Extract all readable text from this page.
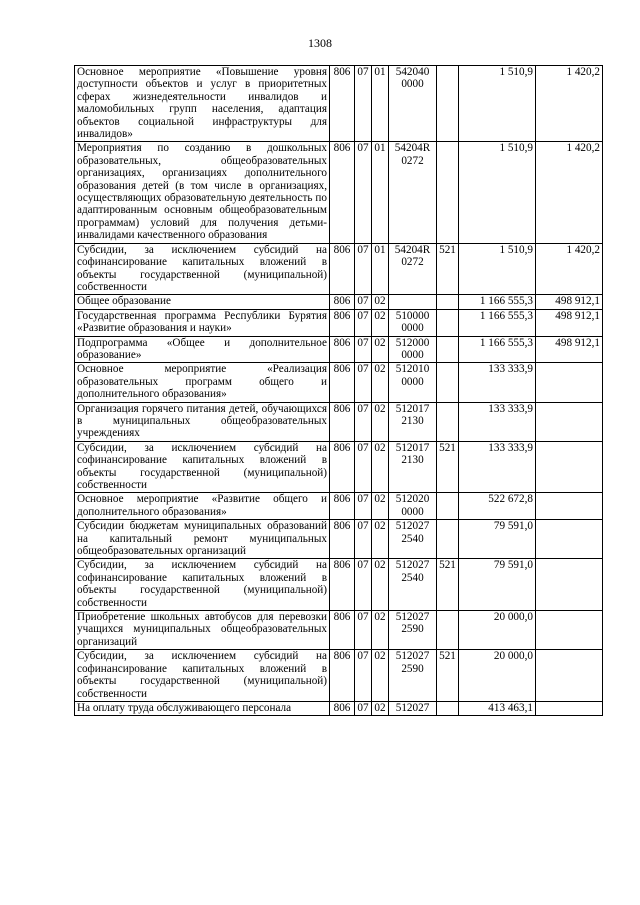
1308
Основное мероприятие «Повышение уровня доступности объектов и услуг в приоритетных сферах жизнедеятельности инвалидов и маломобильных групп населения, адаптация объектов социальной инфраструктуры для инвалидов»	806	07	01	542040 0000		1 510,9	1 420,2
Мероприятия по созданию в дошкольных образовательных, общеобразовательных организациях, организациях дополнительного образования детей (в том числе в организациях, осуществляющих образовательную деятельность по адаптированным основным общеобразовательным программам) условий для получения детьми-инвалидами качественного образования	806	07	01	54204R 0272		1 510,9	1 420,2
Субсидии, за исключением субсидий на софинансирование капитальных вложений в объекты государственной (муниципальной) собственности	806	07	01	54204R 0272	521	1 510,9	1 420,2
Общее образование	806	07	02			1 166 555,3	498 912,1
Государственная программа Республики Бурятия «Развитие образования и науки»	806	07	02	510000 0000		1 166 555,3	498 912,1
Подпрограмма «Общее и дополнительное образование»	806	07	02	512000 0000		1 166 555,3	498 912,1
Основное мероприятие «Реализация образовательных программ общего и дополнительного образования»	806	07	02	512010 0000		133 333,9	
Организация горячего питания детей, обучающихся в муниципальных общеобразовательных учреждениях	806	07	02	512017 2130		133 333,9	
Субсидии, за исключением субсидий на софинансирование капитальных вложений в объекты государственной (муниципальной) собственности	806	07	02	512017 2130	521	133 333,9	
Основное мероприятие «Развитие общего и дополнительного образования»	806	07	02	512020 0000		522 672,8	
Субсидии бюджетам муниципальных образований на капитальный ремонт муниципальных общеобразовательных организаций	806	07	02	512027 2540		79 591,0	
Субсидии, за исключением субсидий на софинансирование капитальных вложений в объекты государственной (муниципальной) собственности	806	07	02	512027 2540	521	79 591,0	
Приобретение школьных автобусов для перевозки учащихся муниципальных общеобразовательных организаций	806	07	02	512027 2590		20 000,0	
Субсидии, за исключением субсидий на софинансирование капитальных вложений в объекты государственной (муниципальной) собственности	806	07	02	512027 2590	521	20 000,0	
На оплату труда обслуживающего персонала	806	07	02	512027		413 463,1	
